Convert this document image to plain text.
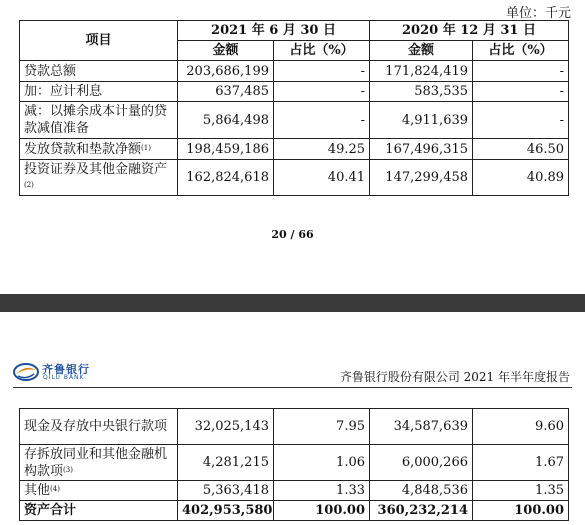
单位：千元
项目	2021 年 6 月 30 日		2020 年 12 月 31 日	
	金额	占比（%）	金额	占比（%）
贷款总额	203,686,199	-	171,824,419	-
加：应计利息	637,485	-	583,535	-
减：以摊余成本计量的贷款减值准备	5,864,498	-	4,911,639	-
发放贷款和垫款净额$^{(1)}$	198,459,186	49.25	167,496,315	46.50
投资证券及其他金融资产$^{(2)}$	162,824,618	40.41	147,299,458	40.89
20 / 66
齐鲁银行
QILU BANK	齐鲁银行股份有限公司 2021 年半年度报告
现金及存放中央银行款项	32,025,143	7.95	34,587,639	9.60
存拆放同业和其他金融机构款项$^{(3)}$	4,281,215	1.06	6,000,266	1.67
其他$^{(4)}$	5,363,418	1.33	4,848,536	1.35
资产合计	402,953,580	100.00	360,232,214	100.00
